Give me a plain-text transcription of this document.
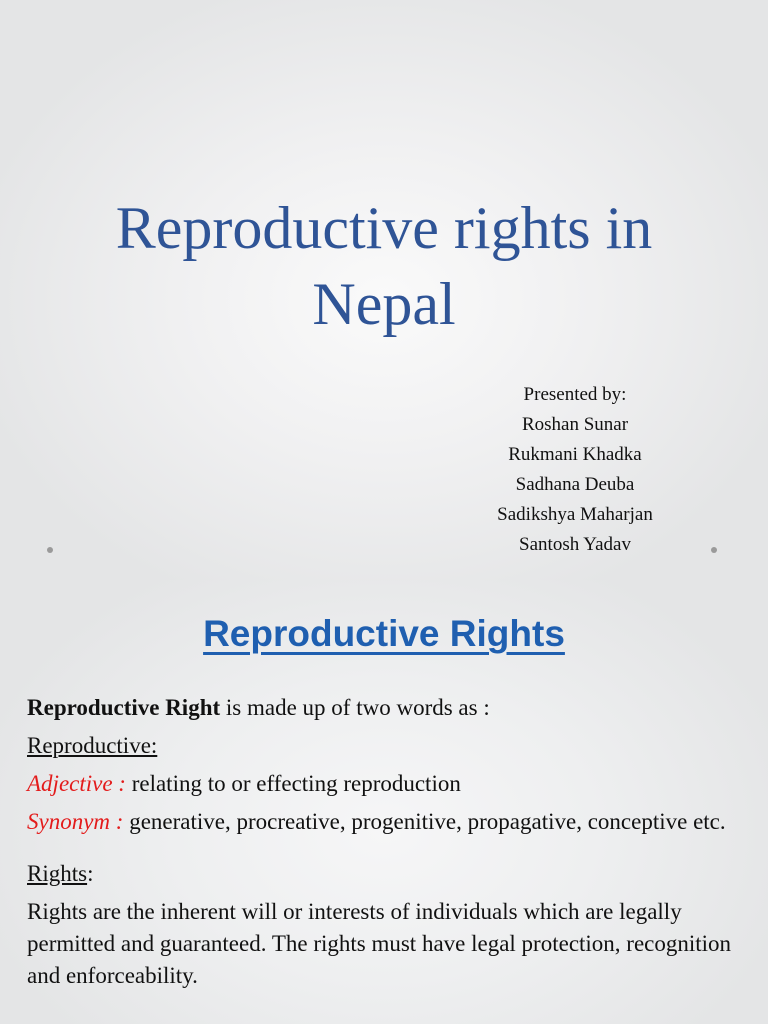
Reproductive rights in
Nepal
Presented by:
Roshan Sunar
Rukmani Khadka
Sadhana Deuba
Sadikshya Maharjan
Santosh Yadav
Reproductive Rights

Reproductive Right is made up of two words as :

Reproductive:

Adjective : relating to or effecting reproduction

Synonym : generative, procreative, progenitive, propagative, conceptive etc.

Rights:

Rights are the inherent will or interests of individuals which are legally permitted and guaranteed. The rights must have legal protection, recognition and enforceability.
